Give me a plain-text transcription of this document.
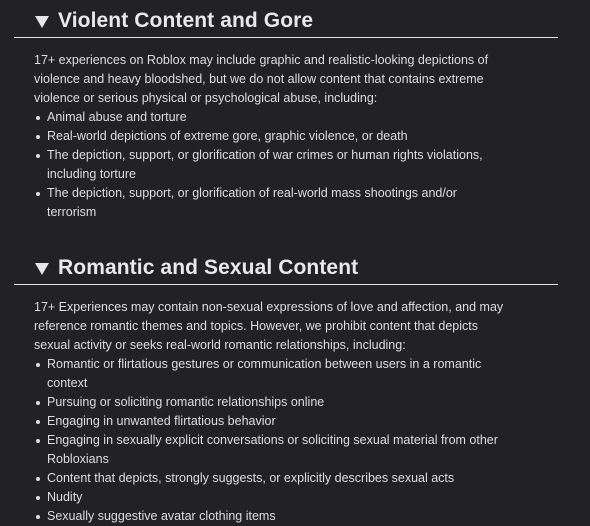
Violent Content and Gore

17+ experiences on Roblox may include graphic and realistic-looking depictions of violence and heavy bloodshed, but we do not allow content that contains extreme violence or serious physical or psychological abuse, including:

Animal abuse and torture
Real-world depictions of extreme gore, graphic violence, or death
The depiction, support, or glorification of war crimes or human rights violations, including torture
The depiction, support, or glorification of real-world mass shootings and/or terrorism
Romantic and Sexual Content

17+ Experiences may contain non-sexual expressions of love and affection, and may reference romantic themes and topics. However, we prohibit content that depicts sexual activity or seeks real-world romantic relationships, including:

Romantic or flirtatious gestures or communication between users in a romantic context
Pursuing or soliciting romantic relationships online
Engaging in unwanted flirtatious behavior
Engaging in sexually explicit conversations or soliciting sexual material from other Robloxians
Content that depicts, strongly suggests, or explicitly describes sexual acts
Nudity
Sexually suggestive avatar clothing items
